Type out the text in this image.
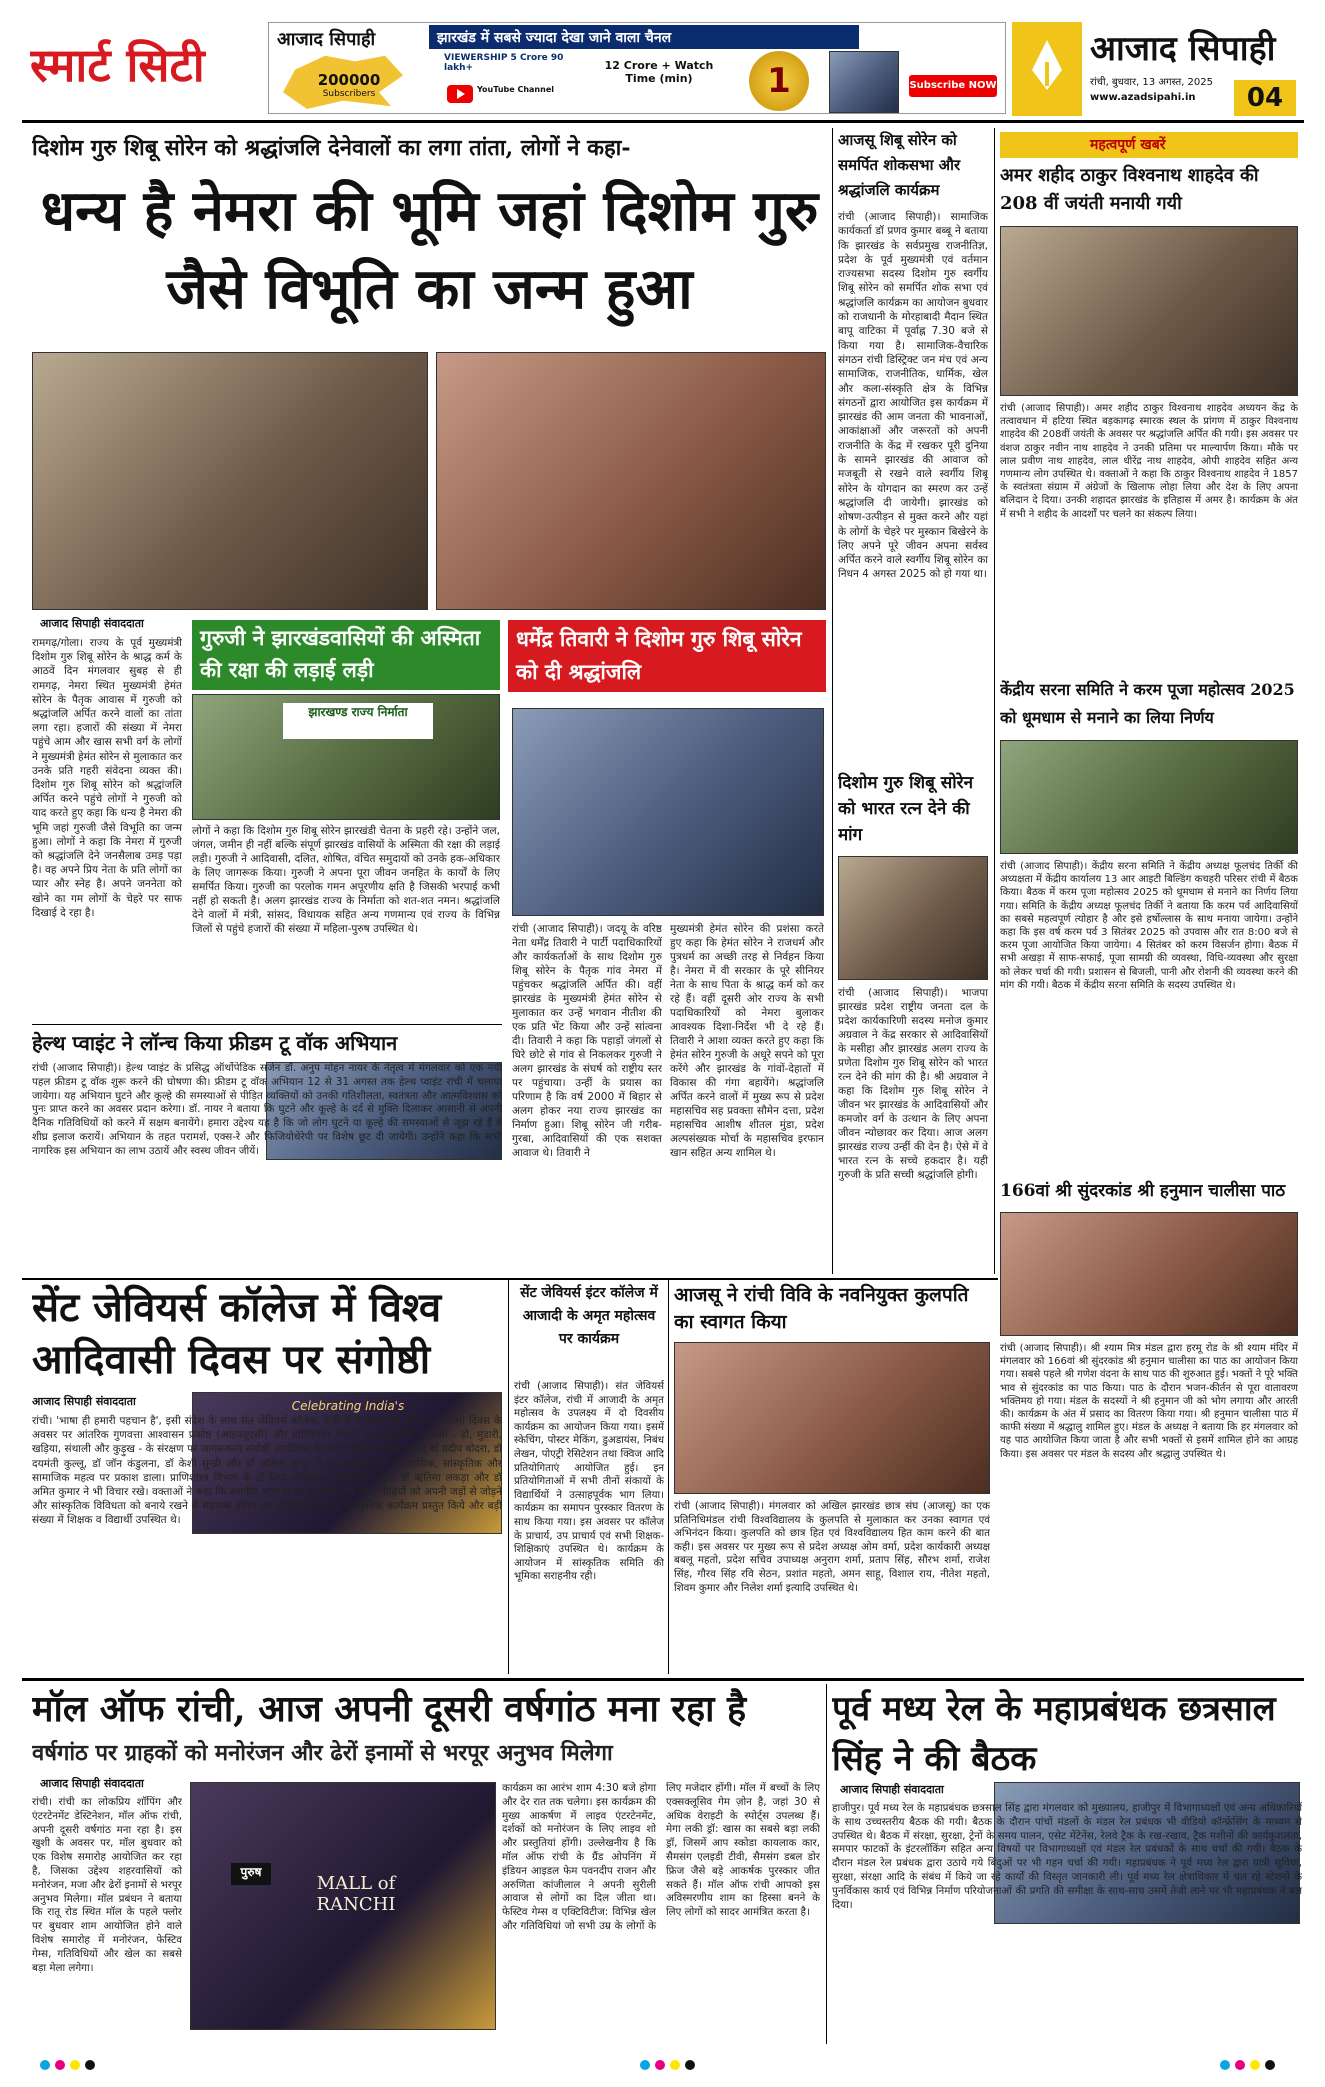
स्मार्ट सिटी	आजाद सिपाही	झारखंड में सबसे ज्यादा देखा जाने वाला चैनल
200000
Subscribers
VIEWERSHIP 5 Crore 90 lakh+
YouTube Channel
12 Crore + Watch Time (min)	1	Subscribe NOW
आजाद सिपाही
रांची, बुधवार, 13 अगस्त, 2025
www.azadsipahi.in	04
दिशोम गुरु शिबू सोरेन को श्रद्धांजलि देनेवालों का लगा तांता, लोगों ने कहा-
धन्य है नेमरा की भूमि जहां दिशोम गुरु जैसे विभूति का जन्म हुआ
आजाद सिपाही संवाददाता
रामगढ़/गोला। राज्य के पूर्व मुख्यमंत्री दिशोम गुरु शिबू सोरेन के श्राद्ध कर्म के आठवें दिन मंगलवार सुबह से ही रामगढ़, नेमरा स्थित मुख्यमंत्री हेमंत सोरेन के पैतृक आवास में गुरुजी को श्रद्धांजलि अर्पित करने वालों का तांता लगा रहा। हजारों की संख्या में नेमरा पहुंचे आम और खास सभी वर्ग के लोगों ने मुख्यमंत्री हेमंत सोरेन से मुलाकात कर उनके प्रति गहरी संवेदना व्यक्त की। दिशोम गुरु शिबू सोरेन को श्रद्धांजलि अर्पित करने पहुंचे लोगों ने गुरुजी को याद करते हुए कहा कि धन्य है नेमरा की भूमि जहां गुरुजी जैसे विभूति का जन्म हुआ। लोगों ने कहा कि नेमरा में गुरुजी को श्रद्धांजलि देने जनसैलाब उमड़ पड़ा है। वह अपने प्रिय नेता के प्रति लोगों का प्यार और स्नेह है। अपने जननेता को खोने का गम लोगों के चेहरे पर साफ दिखाई दे रहा है।
गुरुजी ने झारखंडवासियों की अस्मिता की रक्षा की लड़ाई लड़ी
झारखण्ड राज्य निर्माता
लोगों ने कहा कि दिशोम गुरु शिबू सोरेन झारखंडी चेतना के प्रहरी रहे। उन्होंने जल, जंगल, जमीन ही नहीं बल्कि संपूर्ण झारखंड वासियों के अस्मिता की रक्षा की लड़ाई लड़ी। गुरुजी ने आदिवासी, दलित, शोषित, वंचित समुदायों को उनके हक-अधिकार के लिए जागरूक किया। गुरुजी ने अपना पूरा जीवन जनहित के कार्यों के लिए समर्पित किया। गुरुजी का परलोक गमन अपूरणीय क्षति है जिसकी भरपाई कभी नहीं हो सकती है। अलग झारखंड राज्य के निर्माता को शत-शत नमन। श्रद्धांजलि देने वालों में मंत्री, सांसद, विधायक सहित अन्य गणमान्य एवं राज्य के विभिन्न जिलों से पहुंचे हजारों की संख्या में महिला-पुरुष उपस्थित थे।
धर्मेंद्र तिवारी ने दिशोम गुरु शिबू सोरेन को दी श्रद्धांजलि
रांची (आजाद सिपाही)। जदयू के वरिष्ठ नेता धर्मेंद्र तिवारी ने पार्टी पदाधिकारियों और कार्यकर्ताओं के साथ दिशोम गुरु शिबू सोरेन के पैतृक गांव नेमरा में पहुंचकर श्रद्धांजलि अर्पित की। वहीं झारखंड के मुख्यमंत्री हेमंत सोरेन से मुलाकात कर उन्हें भगवान नीतीश की एक प्रति भेंट किया और उन्हें सांत्वना दी। तिवारी ने कहा कि पहाड़ों जंगलों से घिरे छोटे से गांव से निकलकर गुरुजी ने अलग झारखंड के संघर्ष को राष्ट्रीय स्तर पर पहुंचाया। उन्हीं के प्रयास का परिणाम है कि वर्ष 2000 में बिहार से अलग होकर नया राज्य झारखंड का निर्माण हुआ। शिबू सोरेन जी गरीब-गुरबा, आदिवासियों की एक सशक्त आवाज थे। तिवारी ने
मुख्यमंत्री हेमंत सोरेन की प्रशंसा करते हुए कहा कि हेमंत सोरेन ने राजधर्म और पुत्रधर्म का अच्छी तरह से निर्वहन किया है। नेमरा में वी सरकार के पूरे सीनियर नेता के साथ पिता के श्राद्ध कर्म को कर रहे हैं। वहीं दूसरी ओर राज्य के सभी पदाधिकारियों को नेमरा बुलाकर आवश्यक दिशा-निर्देश भी दे रहे हैं। तिवारी ने आशा व्यक्त करते हुए कहा कि हेमंत सोरेन गुरुजी के अधूरे सपने को पूरा करेंगे और झारखंड के गांवों-देहातों में विकास की गंगा बहायेंगे। श्रद्धांजलि अर्पित करने वालों में मुख्य रूप से प्रदेश महासचिव सह प्रवक्ता सौमेन दत्ता, प्रदेश महासचिव आशीष शीतल मुंडा, प्रदेश अल्पसंख्यक मोर्चा के महासचिव इरफान खान सहित अन्य शामिल थे।
आजसू शिबू सोरेन को समर्पित शोकसभा और श्रद्धांजलि कार्यक्रम
रांची (आजाद सिपाही)। सामाजिक कार्यकर्ता डॉ प्रणव कुमार बब्बू ने बताया कि झारखंड के सर्वप्रमुख राजनीतिज्ञ, प्रदेश के पूर्व मुख्यमंत्री एवं वर्तमान राज्यसभा सदस्य दिशोम गुरु स्वर्गीय शिबू सोरेन को समर्पित शोक सभा एवं श्रद्धांजलि कार्यक्रम का आयोजन बुधवार को राजधानी के मोरहाबादी मैदान स्थित बापू वाटिका में पूर्वाह्न 7.30 बजे से किया गया है। सामाजिक-वैचारिक संगठन रांची डिस्ट्रिक्ट जन मंच एवं अन्य सामाजिक, राजनीतिक, धार्मिक, खेल और कला-संस्कृति क्षेत्र के विभिन्न संगठनों द्वारा आयोजित इस कार्यक्रम में झारखंड की आम जनता की भावनाओं, आकांक्षाओं और जरूरतों को अपनी राजनीति के केंद्र में रखकर पूरी दुनिया के सामने झारखंड की आवाज को मजबूती से रखने वाले स्वर्गीय शिबू सोरेन के योगदान का स्मरण कर उन्हें श्रद्धांजलि दी जायेगी। झारखंड को शोषण-उत्पीड़न से मुक्त करने और यहां के लोगों के चेहरे पर मुस्कान बिखेरने के लिए अपने पूरे जीवन अपना सर्वस्व अर्पित करने वाले स्वर्गीय शिबू सोरेन का निधन 4 अगस्त 2025 को हो गया था।
दिशोम गुरु शिबू सोरेन को भारत रत्न देने की मांग
रांची (आजाद सिपाही)। भाजपा झारखंड प्रदेश राष्ट्रीय जनता दल के प्रदेश कार्यकारिणी सदस्य मनोज कुमार अग्रवाल ने केंद्र सरकार से आदिवासियों के मसीहा और झारखंड अलग राज्य के प्रणेता दिशोम गुरु शिबू सोरेन को भारत रत्न देने की मांग की है। श्री अग्रवाल ने कहा कि दिशोम गुरु शिबू सोरेन ने जीवन भर झारखंड के आदिवासियों और कमजोर वर्ग के उत्थान के लिए अपना जीवन न्योछावर कर दिया। आज अलग झारखंड राज्य उन्हीं की देन है। ऐसे में वे भारत रत्न के सच्चे हकदार है। यही गुरुजी के प्रति सच्ची श्रद्धांजलि होगी।
महत्वपूर्ण खबरें
अमर शहीद ठाकुर विश्वनाथ शाहदेव की 208 वीं जयंती मनायी गयी
रांची (आजाद सिपाही)। अमर शहीद ठाकुर विश्वनाथ शाहदेव अध्ययन केंद्र के तत्वावधान में हटिया स्थित बड़कागढ़ स्मारक स्थल के प्रांगण में ठाकुर विश्वनाथ शाहदेव की 208वीं जयंती के अवसर पर श्रद्धांजलि अर्पित की गयी। इस अवसर पर वंशज ठाकुर नवीन नाथ शाहदेव ने उनकी प्रतिमा पर माल्यार्पण किया। मौके पर लाल प्रवीण नाथ शाहदेव, लाल धीरेंद्र नाथ शाहदेव, ओपी शाहदेव सहित अन्य गणमान्य लोग उपस्थित थे। वक्ताओं ने कहा कि ठाकुर विश्वनाथ शाहदेव ने 1857 के स्वतंत्रता संग्राम में अंग्रेजों के खिलाफ लोहा लिया और देश के लिए अपना बलिदान दे दिया। उनकी शहादत झारखंड के इतिहास में अमर है। कार्यक्रम के अंत में सभी ने शहीद के आदर्शों पर चलने का संकल्प लिया।
केंद्रीय सरना समिति ने करम पूजा महोत्सव 2025 को धूमधाम से मनाने का लिया निर्णय
रांची (आजाद सिपाही)। केंद्रीय सरना समिति ने केंद्रीय अध्यक्ष फूलचंद तिर्की की अध्यक्षता में केंद्रीय कार्यालय 13 आर आइटी बिल्डिंग कचहरी परिसर रांची में बैठक किया। बैठक में करम पूजा महोत्सव 2025 को धूमधाम से मनाने का निर्णय लिया गया। समिति के केंद्रीय अध्यक्ष फूलचंद तिर्की ने बताया कि करम पर्व आदिवासियों का सबसे महत्वपूर्ण त्योहार है और इसे हर्षोल्लास के साथ मनाया जायेगा। उन्होंने कहा कि इस वर्ष करम पर्व 3 सितंबर 2025 को उपवास और रात 8:00 बजे से करम पूजा आयोजित किया जायेगा। 4 सितंबर को करम विसर्जन होगा। बैठक में सभी अखड़ा में साफ-सफाई, पूजा सामग्री की व्यवस्था, विधि-व्यवस्था और सुरक्षा को लेकर चर्चा की गयी। प्रशासन से बिजली, पानी और रोशनी की व्यवस्था करने की मांग की गयी। बैठक में केंद्रीय सरना समिति के सदस्य उपस्थित थे।
166वां श्री सुंदरकांड श्री हनुमान चालीसा पाठ
रांची (आजाद सिपाही)। श्री श्याम मित्र मंडल द्वारा हरमू रोड के श्री श्याम मंदिर में मंगलवार को 166वां श्री सुंदरकांड श्री हनुमान चालीसा का पाठ का आयोजन किया गया। सबसे पहले श्री गणेश वंदना के साथ पाठ की शुरुआत हुई। भक्तों ने पूरे भक्ति भाव से सुंदरकांड का पाठ किया। पाठ के दौरान भजन-कीर्तन से पूरा वातावरण भक्तिमय हो गया। मंडल के सदस्यों ने श्री हनुमान जी को भोग लगाया और आरती की। कार्यक्रम के अंत में प्रसाद का वितरण किया गया। श्री हनुमान चालीसा पाठ में काफी संख्या में श्रद्धालु शामिल हुए। मंडल के अध्यक्ष ने बताया कि हर मंगलवार को यह पाठ आयोजित किया जाता है और सभी भक्तों से इसमें शामिल होने का आग्रह किया। इस अवसर पर मंडल के सदस्य और श्रद्धालु उपस्थित थे।
हेल्थ प्वाइंट ने लॉन्च किया फ्रीडम टू वॉक अभियान
रांची (आजाद सिपाही)। हेल्थ प्वाइंट के प्रसिद्ध ऑर्थोपेडिक सर्जन डॉ. अनुप मोहन नायर के नेतृत्व में मंगलवार को एक नयी पहल फ्रीडम टू वॉक शुरू करने की घोषणा की। फ्रीडम टू वॉक अभियान 12 से 31 अगस्त तक हेल्थ प्वाइंट रांची में चलाया जायेगा। यह अभियान घुटने और कूल्हे की समस्याओं से पीड़ित व्यक्तियों को उनकी गतिशीलता, स्वतंत्रता और आत्मविश्वास को पुनः प्राप्त करने का अवसर प्रदान करेगा। डॉ. नायर ने बताया कि घुटने और कूल्हे के दर्द से मुक्ति दिलाकर आसानी से अपनी दैनिक गतिविधियों को करने में सक्षम बनायेंगे। हमारा उद्देश्य यह है कि जो लोग घुटने या कूल्हे की समस्याओं से जूझ रहे हैं वे शीघ्र इलाज करायें। अभियान के तहत परामर्श, एक्स-रे और फिजियोथेरेपी पर विशेष छूट दी जायेगी। उन्होंने कहा कि सभी नागरिक इस अभियान का लाभ उठायें और स्वस्थ जीवन जीयें।
सेंट जेवियर्स कॉलेज में विश्व आदिवासी दिवस पर संगोष्ठी
आजाद सिपाही संवाददाता	Celebrating India's
रांची। 'भाषा ही हमारी पहचान है', इसी संदेश के साथ संत जेवियर्स कॉलेज, रांची में मंगलवार को विश्व आदिवासी दिवस के अवसर पर आंतरिक गुणवत्ता आश्वासन प्रकोष्ठ (आइक्यूएसी) और प्राणिशास्त्र विभाग द्वारा स्थानीय भाषाओं - हो, मुंडारी, खड़िया, संथाली और कुड़ुख - के संरक्षण पर जागरूकता संगोष्ठी आयोजित की गयी। कार्यक्रम में भाषाविद् डॉ प्रदीप बोदरा, डॉ दयमंती कुल्लू, डॉ जॉन कंडुलना, डॉ केशी सुन्डी और डॉ ललिता कुजूर ने इन भाषाओं की ऐतिहासिक, सांस्कृतिक और सामाजिक महत्व पर प्रकाश डाला। प्राणिशास्त्र विभाग के डॉ प्रिया श्रीवास्तव, डॉ वंदना ठाकुर, डॉ ऋतिमा लकड़ा और डॉ अमित कुमार ने भी विचार रखे। वक्ताओं ने कहा कि स्थानीय भाषाओं का संरक्षण आने वाली पीढ़ियों को अपनी जड़ों से जोड़ने और सांस्कृतिक विविधता को बनाये रखने में सहायक होगा। इस मौके पर छात्रों ने सांस्कृतिक कार्यक्रम प्रस्तुत किये और बड़ी संख्या में शिक्षक व विद्यार्थी उपस्थित थे।
सेंट जेवियर्स इंटर कॉलेज में आजादी के अमृत महोत्सव पर कार्यक्रम
रांची (आजाद सिपाही)। संत जेवियर्स इंटर कॉलेज, रांची में आजादी के अमृत महोत्सव के उपलक्ष्य में दो दिवसीय कार्यक्रम का आयोजन किया गया। इसमें स्केचिंग, पोस्टर मेकिंग, डुअडायंस, निबंध लेखन, पोएट्री रेसिटेशन तथा क्विज आदि प्रतियोगिताएं आयोजित हुई। इन प्रतियोगिताओं में सभी तीनों संकायों के विद्यार्थियों ने उत्साहपूर्वक भाग लिया। कार्यक्रम का समापन पुरस्कार वितरण के साथ किया गया। इस अवसर पर कॉलेज के प्राचार्य, उप प्राचार्य एवं सभी शिक्षक-शिक्षिकाएं उपस्थित थे। कार्यक्रम के आयोजन में सांस्कृतिक समिति की भूमिका सराहनीय रही।
आजसू ने रांची विवि के नवनियुक्त कुलपति का स्वागत किया
रांची (आजाद सिपाही)। मंगलवार को अखिल झारखंड छात्र संघ (आजसू) का एक प्रतिनिधिमंडल रांची विश्वविद्यालय के कुलपति से मुलाकात कर उनका स्वागत एवं अभिनंदन किया। कुलपति को छात्र हित एवं विश्वविद्यालय हित काम करने की बात कही। इस अवसर पर मुख्य रूप से प्रदेश अध्यक्ष ओम वर्मा, प्रदेश कार्यकारी अध्यक्ष बबलू महतो, प्रदेश सचिव उपाध्यक्ष अनुराग शर्मा, प्रताप सिंह, सौरभ शर्मा, राजेश सिंह, गौरव सिंह रवि सेठन, प्रशांत महतो, अमन साहू, विशाल राय, नीतेश महतो, शिवम कुमार और निलेश शर्मा इत्यादि उपस्थित थे।
मॉल ऑफ रांची, आज अपनी दूसरी वर्षगांठ मना रहा है
वर्षगांठ पर ग्राहकों को मनोरंजन और ढेरों इनामों से भरपूर अनुभव मिलेगा
आजाद सिपाही संवाददाता
रांची। रांची का लोकप्रिय शॉपिंग और एंटरटेनमेंट डेस्टिनेशन, मॉल ऑफ रांची, अपनी दूसरी वर्षगांठ मना रहा है। इस खुशी के अवसर पर, मॉल बुधवार को एक विशेष समारोह आयोजित कर रहा है, जिसका उद्देश्य शहरवासियों को मनोरंजन, मजा और ढेरों इनामों से भरपूर अनुभव मिलेगा। मॉल प्रबंधन ने बताया कि रातू रोड स्थित मॉल के पहले फ्लोर पर बुधवार शाम आयोजित होने वाले विशेष समारोह में मनोरंजन, फेस्टिव गेम्स, गतिविधियों और खेल का सबसे बड़ा मेला लगेगा।
पुरुष
MALL of RANCHI
कार्यक्रम का आरंभ शाम 4:30 बजे होगा और देर रात तक चलेगा। इस कार्यक्रम की मुख्य आकर्षण में लाइव एंटरटेनमेंट, दर्शकों को मनोरंजन के लिए लाइव शो और प्रस्तुतियां होंगी। उल्लेखनीय है कि मॉल ऑफ रांची के ग्रैंड ओपनिंग में इंडियन आइडल फेम पवनदीप राजन और अरुणिता कांजीलाल ने अपनी सुरीली आवाज से लोगों का दिल जीता था। फेस्टिव गेम्स व एक्टिविटीज: विभिन्न खेल और गतिविधियां जो सभी उम्र के लोगों के लिए मजेदार होंगी। मॉल में बच्चों के लिए एक्सक्लूसिव गेम ज़ोन है, जहां 30 से अधिक वेराइटी के स्पोर्ट्स उपलब्ध हैं। मेगा लकी ड्रॉ: खास का सबसे बड़ा लकी ड्रॉ, जिसमें आप स्कोडा कायलाक कार, सैमसंग एलइडी टीवी, सैमसंग डबल डोर फ्रिज जैसे बड़े आकर्षक पुरस्कार जीत सकते हैं। मॉल ऑफ रांची आपको इस अविस्मरणीय शाम का हिस्सा बनने के लिए लोगों को सादर आमंत्रित करता है।
पूर्व मध्य रेल के महाप्रबंधक छत्रसाल सिंह ने की बैठक
आजाद सिपाही संवाददाता
हाजीपुर। पूर्व मध्य रेल के महाप्रबंधक छत्रसाल सिंह द्वारा मंगलवार को मुख्यालय, हाजीपुर में विभागाध्यक्षों एवं अन्य अधिकारियों के साथ उच्चस्तरीय बैठक की गयी। बैठक के दौरान पांचों मंडलों के मंडल रेल प्रबंधक भी वीडियो कॉन्फ्रेंसिंग के माध्यम से उपस्थित थे। बैठक में संरक्षा, सुरक्षा, ट्रेनों के समय पालन, एसेट मेंटेनेंस, रेलवे ट्रैक के रख-रखाव, ट्रैक मशीनों की कार्यकुशलता, समपार फाटकों के इंटरलॉकिंग सहित अन्य विषयों पर विभागाध्यक्षों एवं मंडल रेल प्रबंधकों के साथ चर्चा की गयी। बैठक के दौरान मंडल रेल प्रबंधक द्वारा उठाये गये बिंदुओं पर भी गहन चर्चा की गयी। महाप्रबंधक ने पूर्व मध्य रेल द्वारा यात्री सुविधा, सुरक्षा, संरक्षा आदि के संबंध में किये जा रहे कार्यों की विस्तृत जानकारी ली। पूर्व मध्य रेल क्षेत्राधिकार में चल रहे स्टेशनों के पुनर्विकास कार्य एवं विभिन्न निर्माण परियोजनाओं की प्रगति की समीक्षा के साथ-साथ उसमें तेजी लाने पर भी महाप्रबंधक ने बल दिया।
